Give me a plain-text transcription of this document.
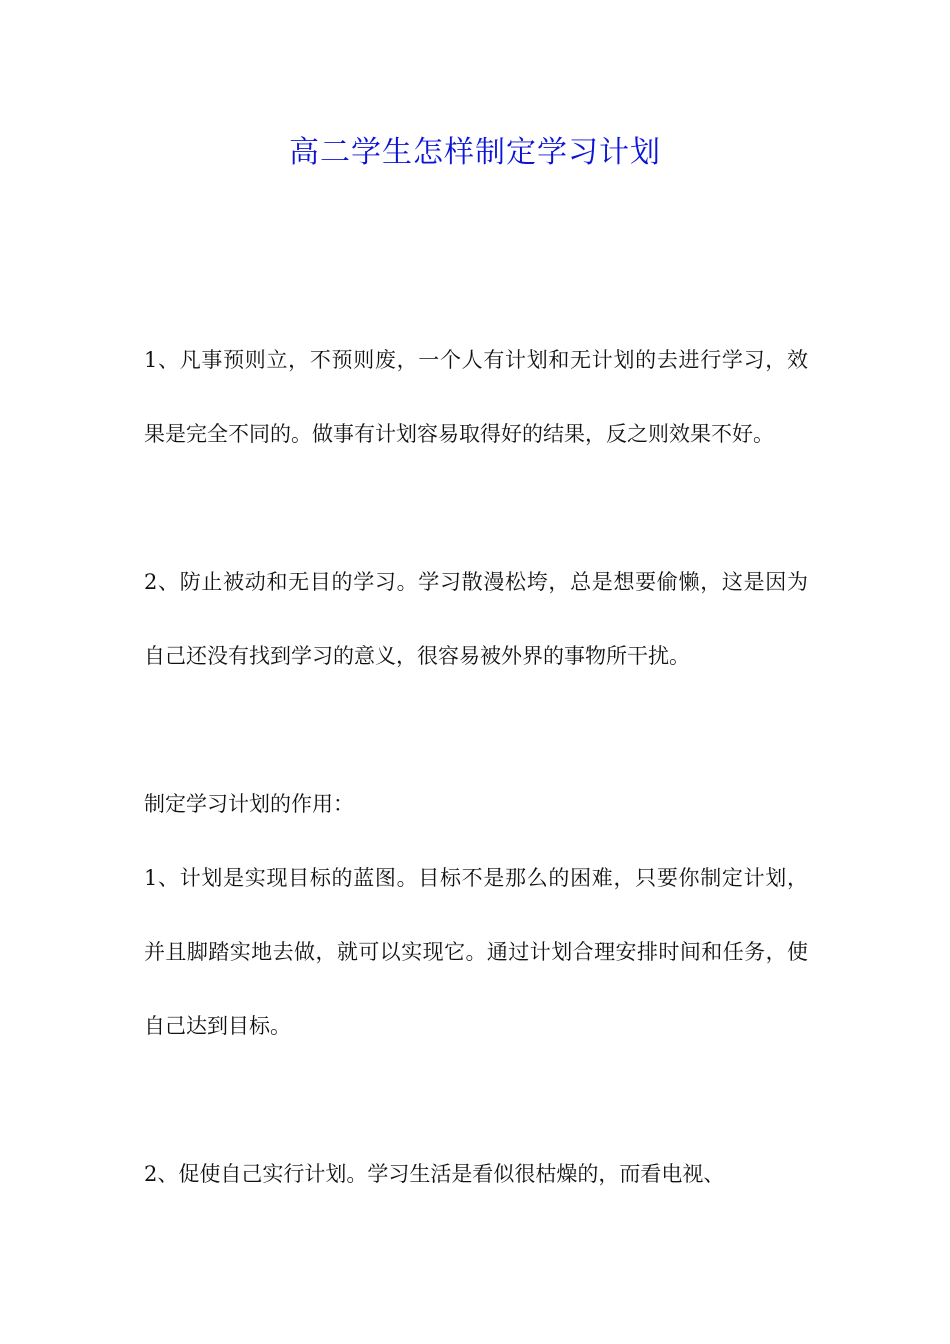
高二学生怎样制定学习计划

1、凡事预则立，不预则废，一个人有计划和无计划的去进行学习，效果是完全不同的。做事有计划容易取得好的结果，反之则效果不好。

2、防止被动和无目的学习。学习散漫松垮，总是想要偷懒，这是因为自己还没有找到学习的意义，很容易被外界的事物所干扰。

制定学习计划的作用：

1、计划是实现目标的蓝图。目标不是那么的困难，只要你制定计划，并且脚踏实地去做，就可以实现它。通过计划合理安排时间和任务，使自己达到目标。

2、促使自己实行计划。学习生活是看似很枯燥的，而看电视、
